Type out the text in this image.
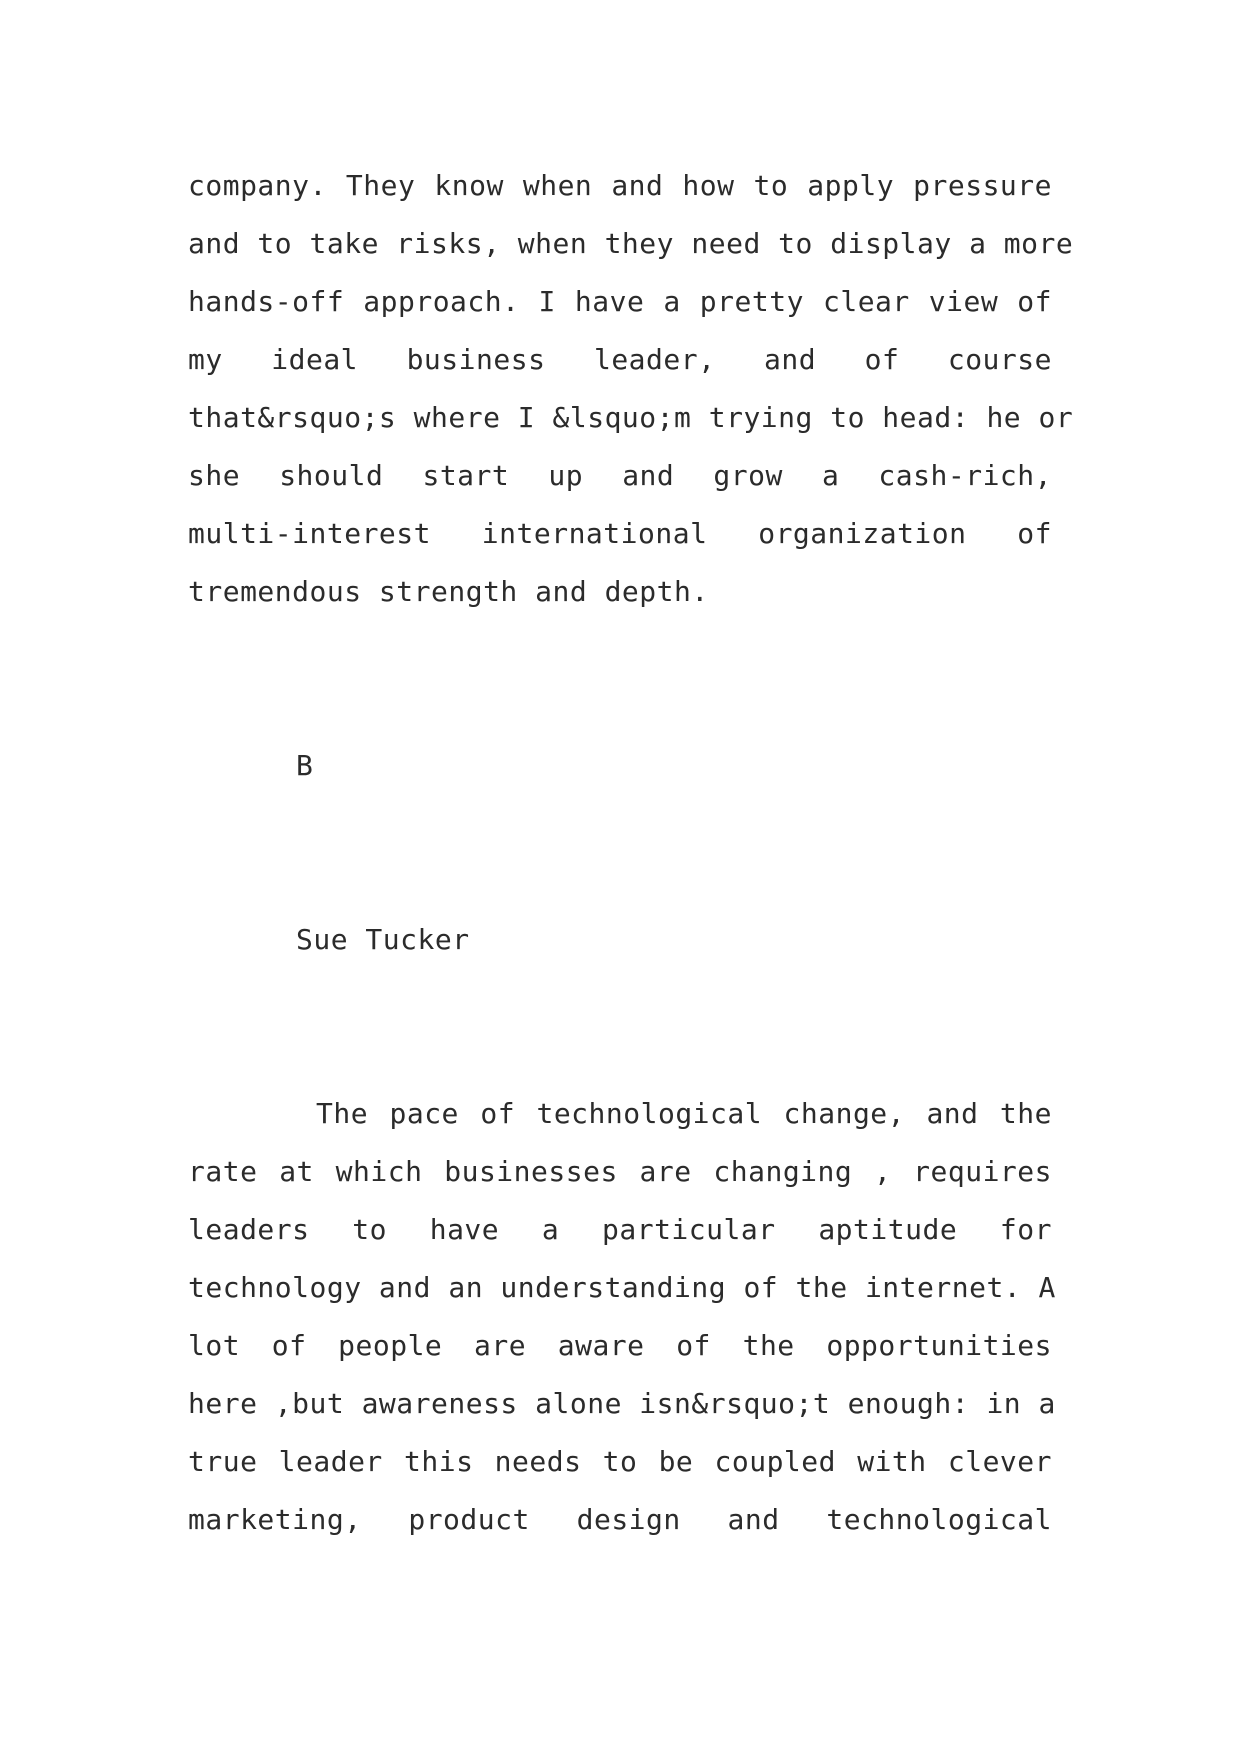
company. They know when and how to apply pressure
and to take risks, when they need to display a more
hands-off approach. I have a pretty clear view of
my ideal business leader, and of course
that&rsquo;s where I &lsquo;m trying to head: he or
she should start up and grow a cash-rich,
multi-interest international organization of
tremendous strength and depth.
B
Sue Tucker
The pace of technological change, and the
rate at which businesses are changing , requires
leaders to have a particular aptitude for
technology and an understanding of the internet. A
lot of people are aware of the opportunities
here ,but awareness alone isn&rsquo;t enough: in a
true leader this needs to be coupled with clever
marketing, product design and technological
